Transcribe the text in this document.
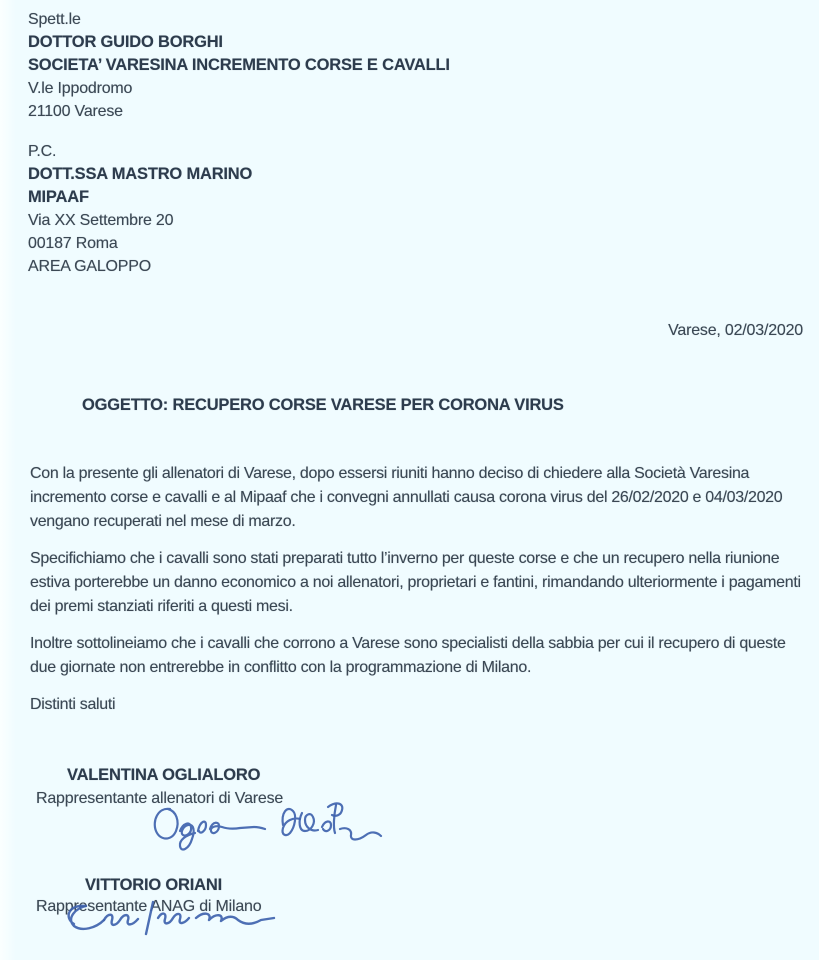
Spett.le
DOTTOR GUIDO BORGHI
SOCIETA’ VARESINA INCREMENTO CORSE E CAVALLI
V.le Ippodromo
21100 Varese
P.C.
DOTT.SSA MASTRO MARINO
MIPAAF
Via XX Settembre 20
00187 Roma
AREA GALOPPO
Varese, 02/03/2020
OGGETTO: RECUPERO CORSE VARESE PER CORONA VIRUS

Con la presente gli allenatori di Varese, dopo essersi riuniti hanno deciso di chiedere alla Società Varesina incremento corse e cavalli e al Mipaaf che i convegni annullati causa corona virus del 26/02/2020 e 04/03/2020 vengano recuperati nel mese di marzo.

Specifichiamo che i cavalli sono stati preparati tutto l’inverno per queste corse e che un recupero nella riunione estiva porterebbe un danno economico a noi allenatori, proprietari e fantini, rimandando ulteriormente i pagamenti dei premi stanziati riferiti a questi mesi.

Inoltre sottolineiamo che i cavalli che corrono a Varese sono specialisti della sabbia per cui il recupero di queste due giornate non entrerebbe in conflitto con la programmazione di Milano.

Distinti saluti

VALENTINA OGLIALORO
Rappresentante allenatori di Varese
VITTORIO ORIANI
Rappresentante ANAG di Milano
